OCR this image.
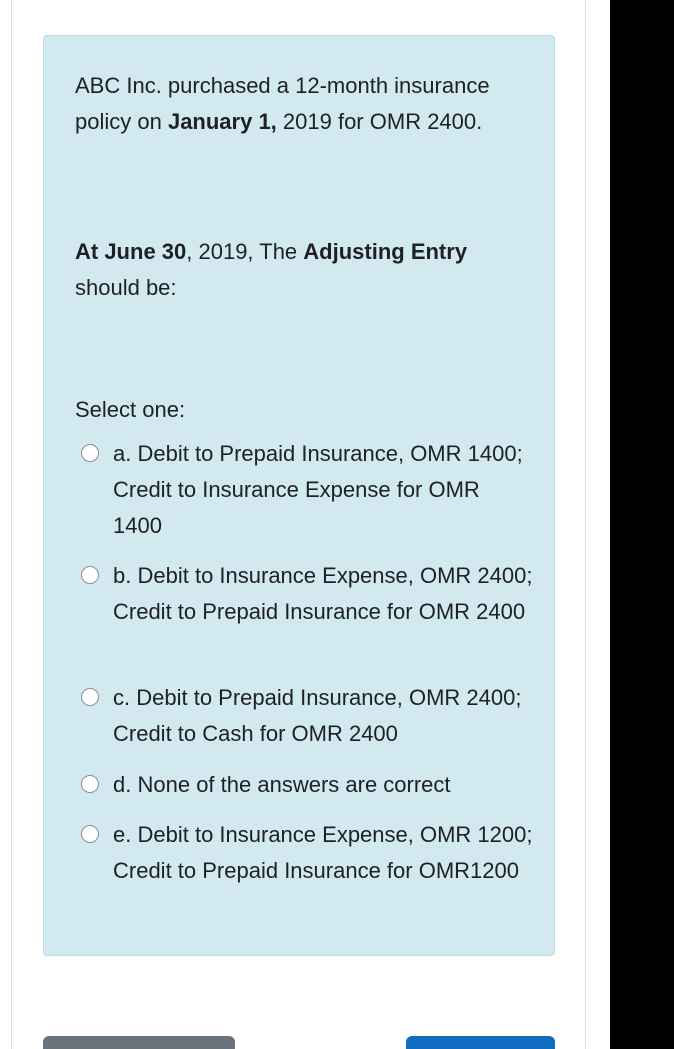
ABC Inc. purchased a 12-month insurance policy on January 1, 2019 for OMR 2400.
At June 30, 2019, The Adjusting Entry should be:
Select one:
a. Debit to Prepaid Insurance, OMR 1400; Credit to Insurance Expense for OMR 1400
b. Debit to Insurance Expense, OMR 2400; Credit to Prepaid Insurance for OMR 2400
c. Debit to Prepaid Insurance, OMR 2400; Credit to Cash for OMR 2400
d. None of the answers are correct
e. Debit to Insurance Expense, OMR 1200; Credit to Prepaid Insurance for OMR1200
